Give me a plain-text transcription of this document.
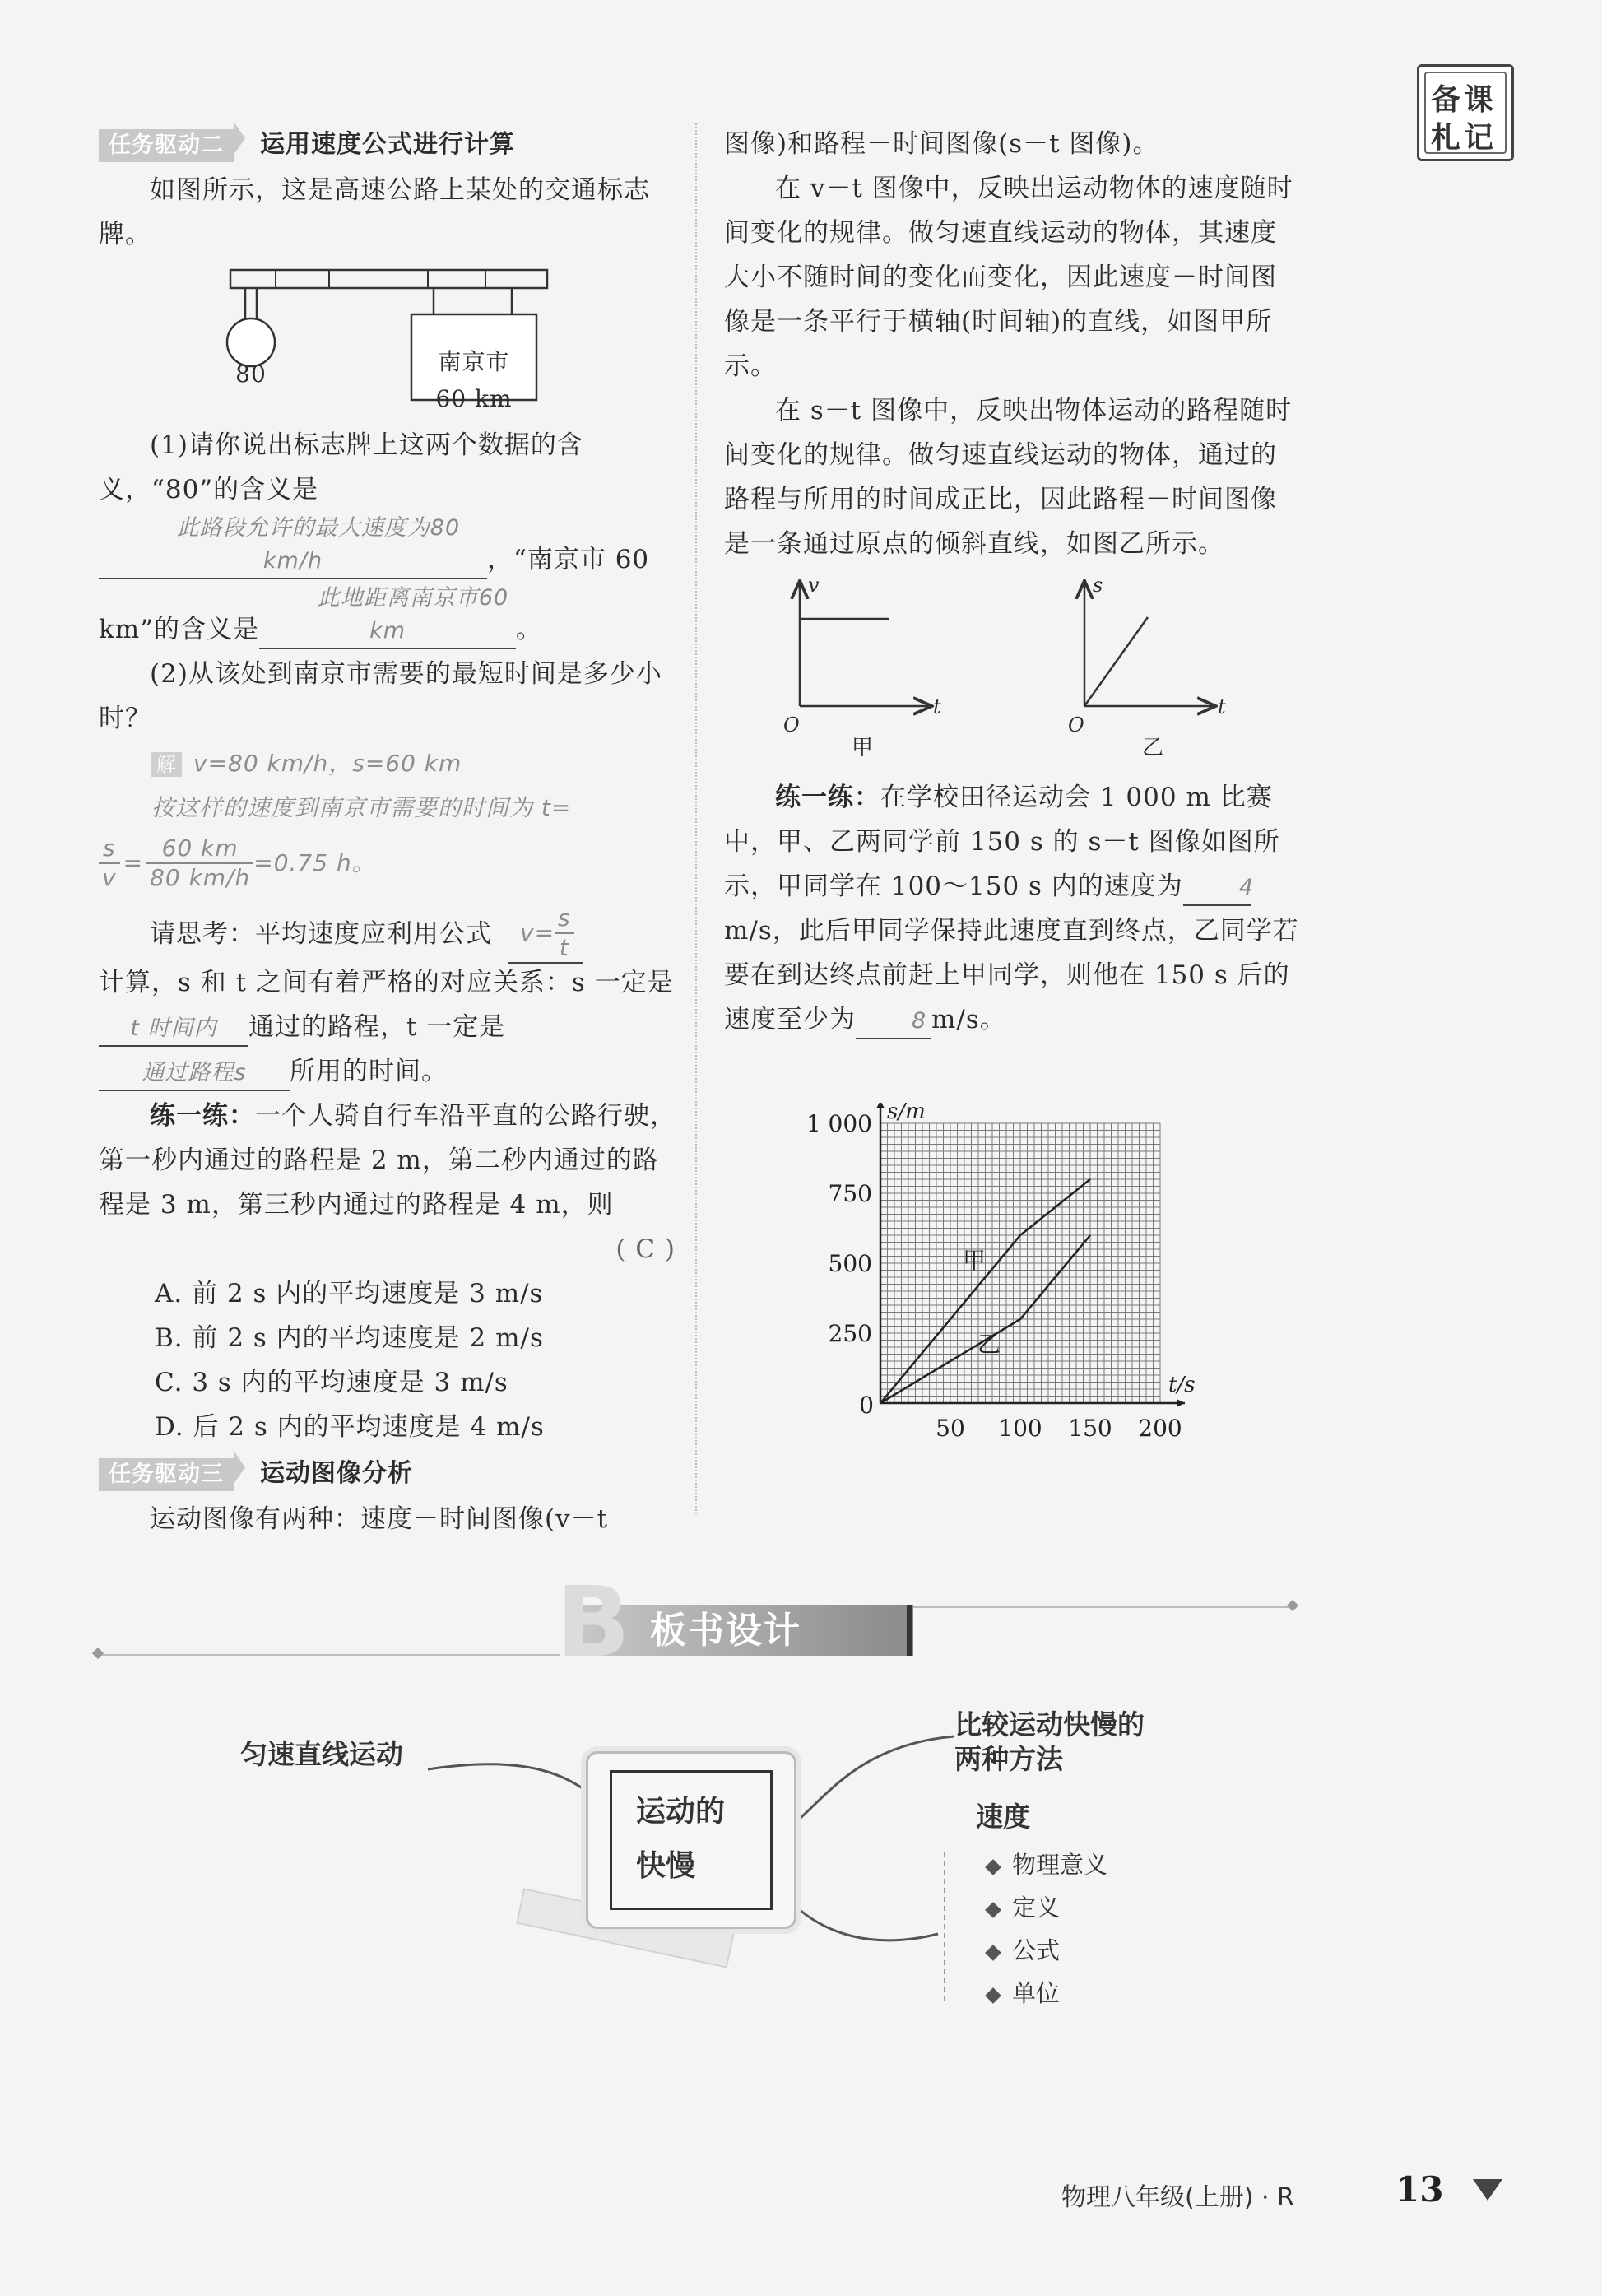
备课
札记
任务驱动二 运用速度公式进行计算

如图所示，这是高速公路上某处的交通标志牌。

80	南京市
60 km

(1)请你说出标志牌上这两个数据的含义，“80”的含义是此路段允许的最大速度为80 km/h	，“南京市 60 km”的含义是此地距离南京市60 km	。

(2)从该处到南京市需要的最短时间是多少小时？

解 v=80 km/h，s=60 km
按这样的速度到南京市需要的时间为 t=
$\frac{s}{v} = \frac{60 km}{80 km/h} =0.75$ h。
请思考：平均速度应利用公式 $v= \frac{s}{t}$

计算，s 和 t 之间有着严格的对应关系：s 一定是t 时间内 通过的路程，t 一定是通过路程s 所用的时间。

练一练：一个人骑自行车沿平直的公路行驶，第一秒内通过的路程是 2 m，第二秒内通过的路程是 3 m，第三秒内通过的路程是 4 m，则

( C )
A. 前 2 s 内的平均速度是 3 m/s
B. 前 2 s 内的平均速度是 2 m/s
C. 3 s 内的平均速度是 3 m/s
D. 后 2 s 内的平均速度是 4 m/s
任务驱动三 运动图像分析

运动图像有两种：速度－时间图像(v－t

图像)和路程－时间图像(s－t 图像)。

在 v－t 图像中，反映出运动物体的速度随时间变化的规律。做匀速直线运动的物体，其速度大小不随时间的变化而变化，因此速度－时间图像是一条平行于横轴(时间轴)的直线，如图甲所示。

在 s－t 图像中，反映出物体运动的路程随时间变化的规律。做匀速直线运动的物体，通过的路程与所用的时间成正比，因此路程－时间图像是一条通过原点的倾斜直线，如图乙所示。

v
t
O
甲
s
t
O
乙

练一练：在学校田径运动会 1 000 m 比赛中，甲、乙两同学前 150 s 的 s－t 图像如图所示，甲同学在 100～150 s 内的速度为	4m/s，此后甲同学保持此速度直到终点，乙同学若要在到达终点前赶上甲同学，则他在 150 s 后的速度至少为	8 m/s。

50 100 150 200
250
500
750
1 000
0
t/s
s/m
甲
乙
B 板书设计
运动的
快慢
匀速直线运动
比较运动快慢的
两种方法
速度
物理意义
定义
公式
单位
物理八年级(上册) · R	13
